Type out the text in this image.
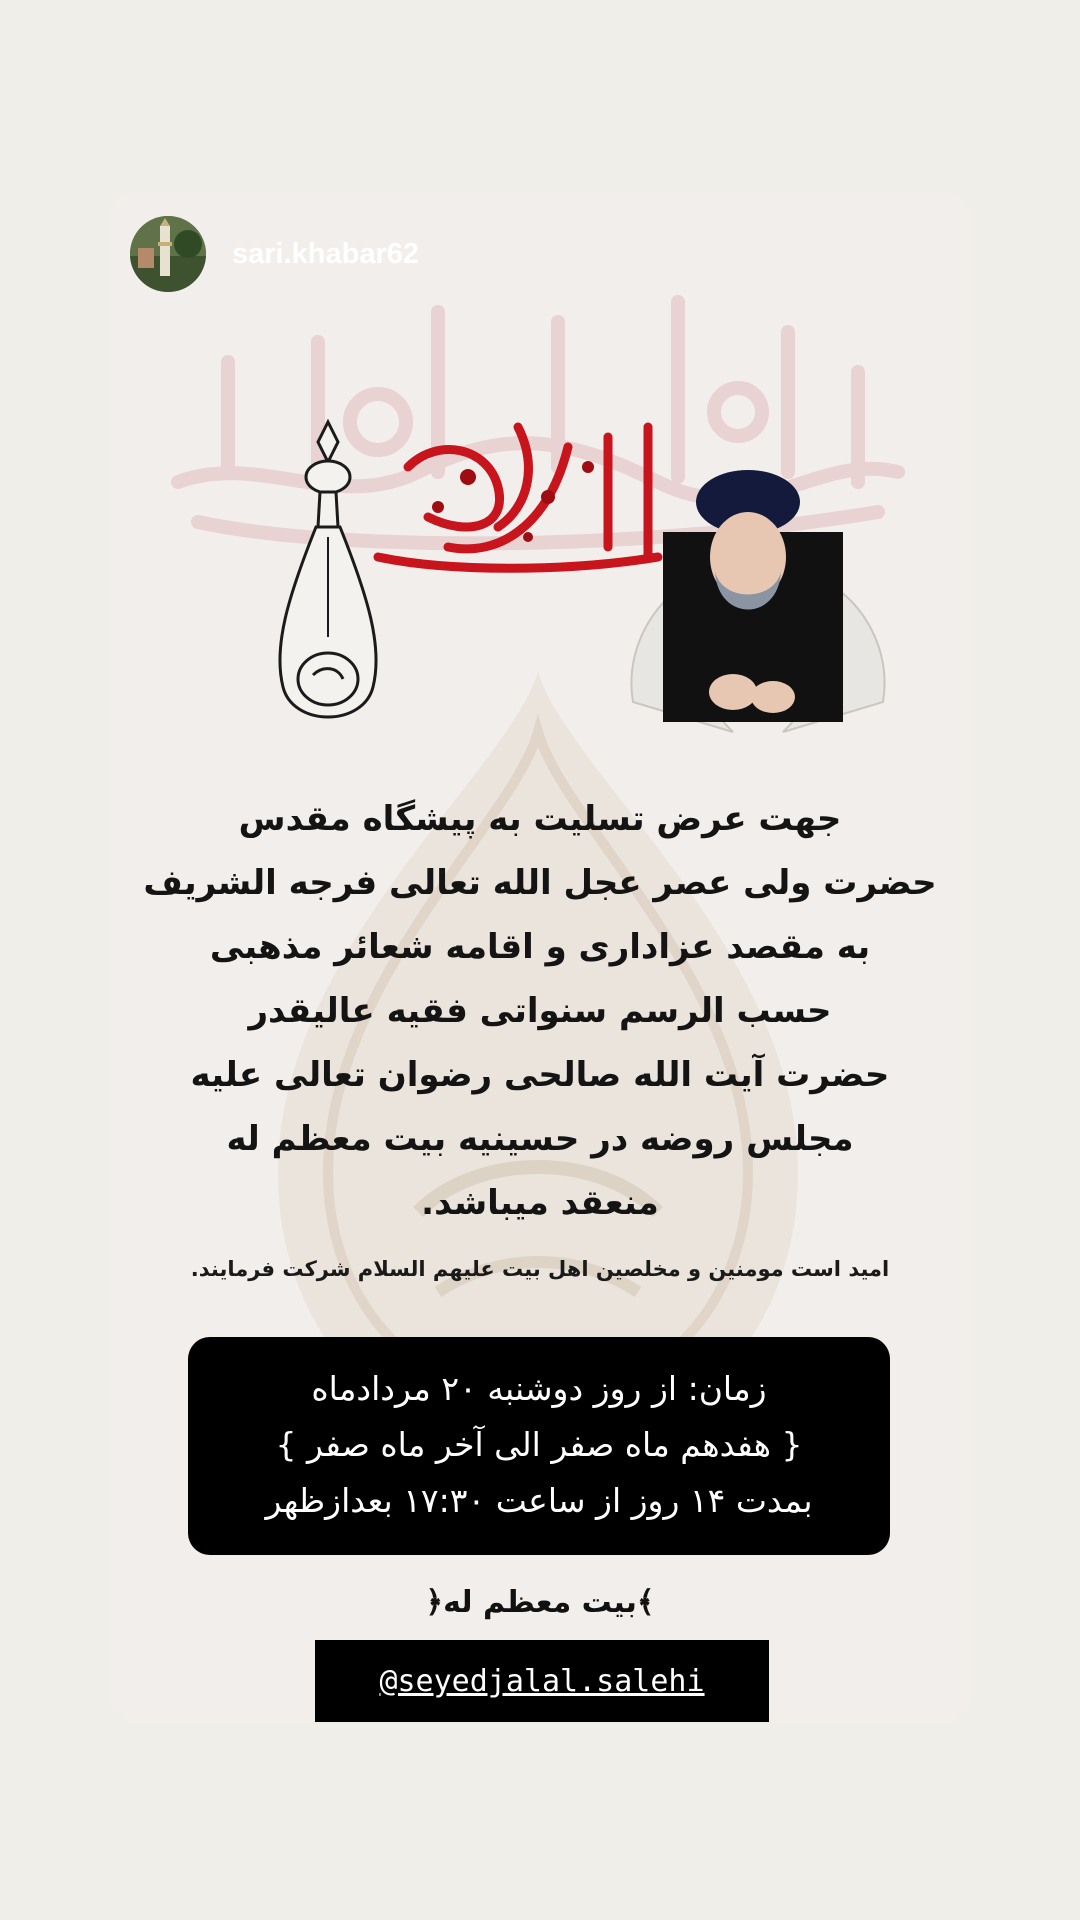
sari.khabar62
جهت عرض تسلیت به پیشگاه مقدس
حضرت ولی عصر عجل الله تعالی فرجه الشریف
به مقصد عزاداری و اقامه شعائر مذهبی
حسب الرسم سنواتی فقیه عالیقدر
حضرت آیت الله صالحی رضوان تعالی علیه
مجلس روضه در حسینیه بیت معظم له
منعقد میباشد.
امید است مومنین و مخلصین اهل بیت علیهم السلام شرکت فرمایند.
زمان: از روز دوشنبه ۲۰ مردادماه
{ هفدهم ماه صفر الی آخر ماه صفر }
بمدت ۱۴ روز از ساعت ۱۷:۳۰ بعدازظهر
﴾بیت معظم له﴿
@seyedjalal.salehi
